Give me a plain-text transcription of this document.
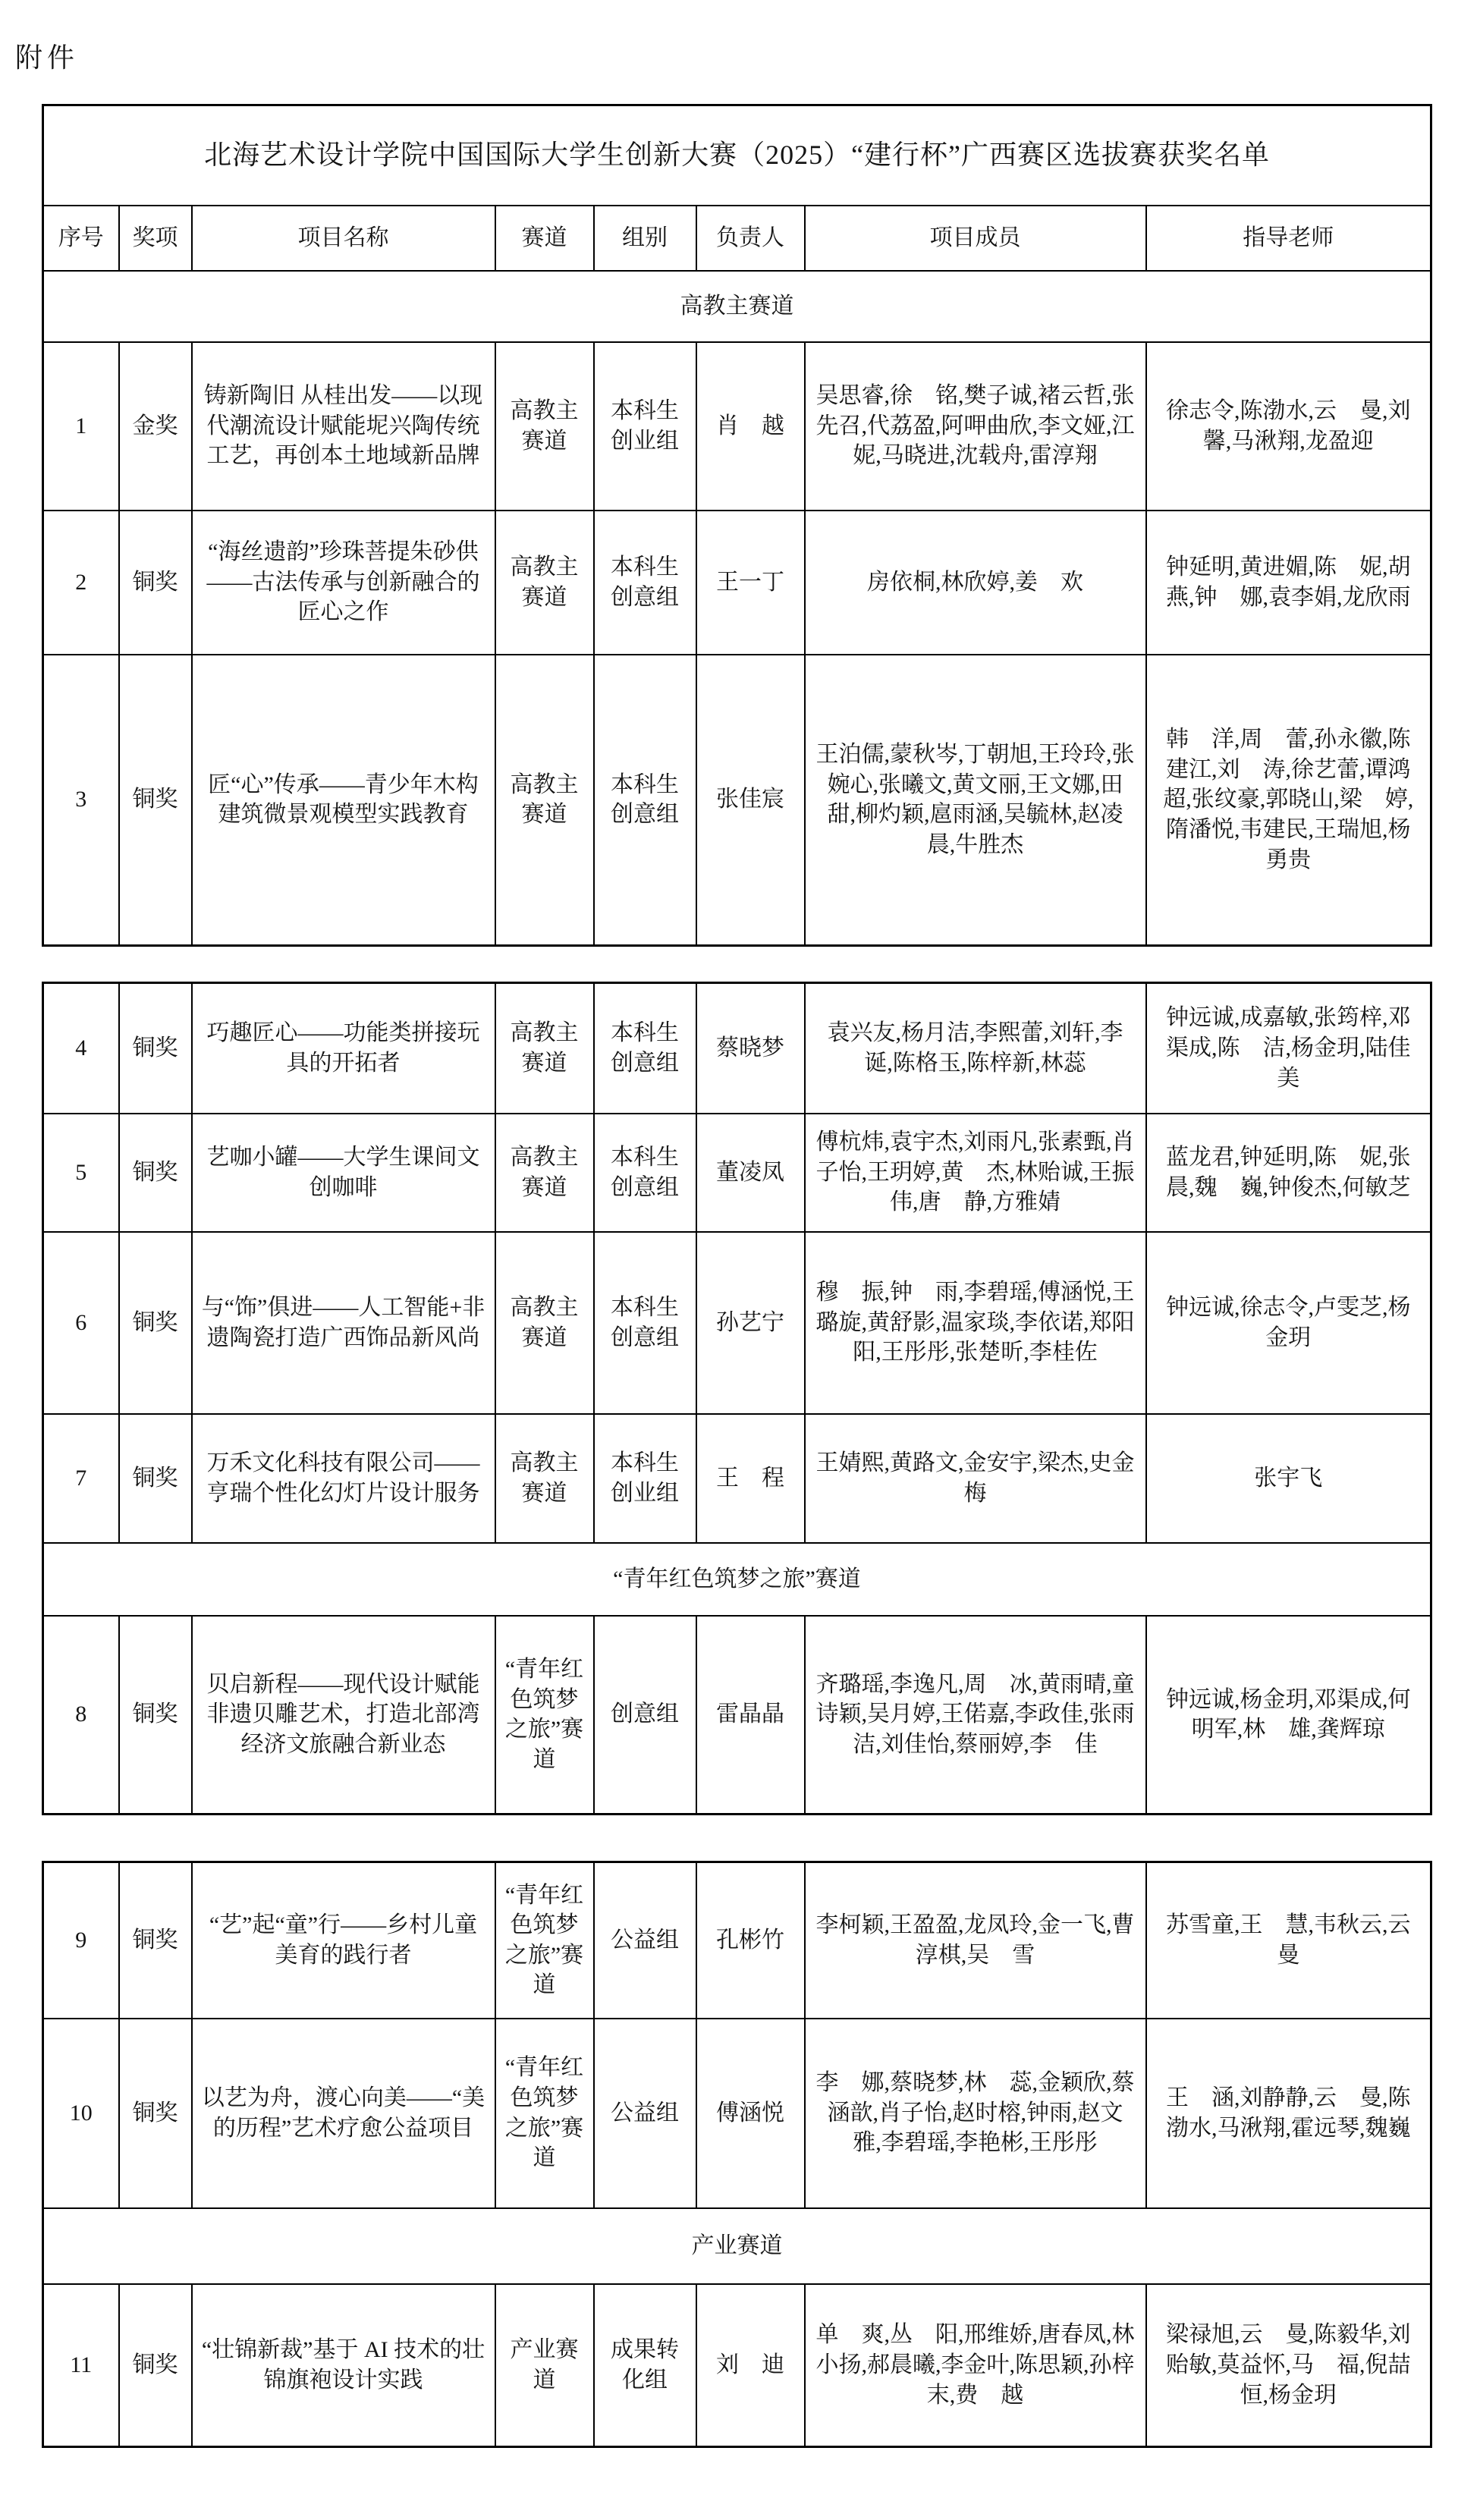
附件
北海艺术设计学院中国国际大学生创新大赛（2025）“建行杯”广西赛区选拔赛获奖名单							
序号	奖项	项目名称	赛道	组别	负责人	项目成员	指导老师
高教主赛道							
1	金奖	铸新陶旧 从桂出发——以现代潮流设计赋能坭兴陶传统工艺，再创本土地域新品牌	高教主赛道	本科生创业组	肖　越	吴思睿,徐　铭,樊子诚,褚云哲,张先召,代荔盈,阿呷曲欣,李文娅,江　妮,马晓进,沈载舟,雷淳翔	徐志令,陈渤水,云　曼,刘馨,马湫翔,龙盈迎
2	铜奖	“海丝遗韵”珍珠菩提朱砂供——古法传承与创新融合的匠心之作	高教主赛道	本科生创意组	王一丁	房依桐,林欣婷,姜　欢	钟延明,黄进媚,陈　妮,胡燕,钟　娜,袁李娟,龙欣雨
3	铜奖	匠“心”传承——青少年木构建筑微景观模型实践教育	高教主赛道	本科生创意组	张佳宸	王泊儒,蒙秋岑,丁朝旭,王玲玲,张婉心,张曦文,黄文丽,王文娜,田　甜,柳灼颖,扈雨涵,吴毓林,赵凌晨,牛胜杰	韩　洋,周　蕾,孙永徽,陈建江,刘　涛,徐艺蕾,谭鸿超,张纹豪,郭晓山,梁　婷,隋潘悦,韦建民,王瑞旭,杨勇贵
4	铜奖	巧趣匠心——功能类拼接玩具的开拓者	高教主赛道	本科生创意组	蔡晓梦	袁兴友,杨月洁,李熙蕾,刘轩,李　诞,陈格玉,陈梓新,林蕊	钟远诚,成嘉敏,张筠梓,邓渠成,陈　洁,杨金玥,陆佳美
5	铜奖	艺咖小罐——大学生课间文创咖啡	高教主赛道	本科生创意组	董凌凤	傅杭炜,袁宇杰,刘雨凡,张素甄,肖子怡,王玥婷,黄　杰,林贻诚,王振伟,唐　静,方雅婧	蓝龙君,钟延明,陈　妮,张晨,魏　巍,钟俊杰,何敏芝
6	铜奖	与“饰”俱进——人工智能+非遗陶瓷打造广西饰品新风尚	高教主赛道	本科生创意组	孙艺宁	穆　振,钟　雨,李碧瑶,傅涵悦,王璐旋,黄舒影,温家琰,李依诺,郑阳阳,王彤彤,张楚昕,李桂佐	钟远诚,徐志令,卢雯芝,杨金玥
7	铜奖	万禾文化科技有限公司——亨瑞个性化幻灯片设计服务	高教主赛道	本科生创业组	王　程	王婧熙,黄路文,金安宇,梁杰,史金梅	张宇飞
“青年红色筑梦之旅”赛道							
8	铜奖	贝启新程——现代设计赋能非遗贝雕艺术，打造北部湾经济文旅融合新业态	“青年红色筑梦之旅”赛道	创意组	雷晶晶	齐璐瑶,李逸凡,周　冰,黄雨晴,童诗颖,吴月婷,王偌嘉,李政佳,张雨洁,刘佳怡,蔡丽婷,李　佳	钟远诚,杨金玥,邓渠成,何明军,林　雄,龚辉琼
9	铜奖	“艺”起“童”行——乡村儿童美育的践行者	“青年红色筑梦之旅”赛道	公益组	孔彬竹	李柯颖,王盈盈,龙凤玲,金一飞,曹淳棋,吴　雪	苏雪童,王　慧,韦秋云,云曼
10	铜奖	以艺为舟，渡心向美——“美的历程”艺术疗愈公益项目	“青年红色筑梦之旅”赛道	公益组	傅涵悦	李　娜,蔡晓梦,林　蕊,金颖欣,蔡涵歆,肖子怡,赵时榕,钟雨,赵文雅,李碧瑶,李艳彬,王彤彤	王　涵,刘静静,云　曼,陈渤水,马湫翔,霍远琴,魏巍
产业赛道							
11	铜奖	“壮锦新裁”基于 AI 技术的壮锦旗袍设计实践	产业赛道	成果转化组	刘　迪	单　爽,丛　阳,邢维娇,唐春凤,林小扬,郝晨曦,李金叶,陈思颖,孙梓末,费　越	梁禄旭,云　曼,陈毅华,刘贻敏,莫益怀,马　福,倪喆恒,杨金玥
